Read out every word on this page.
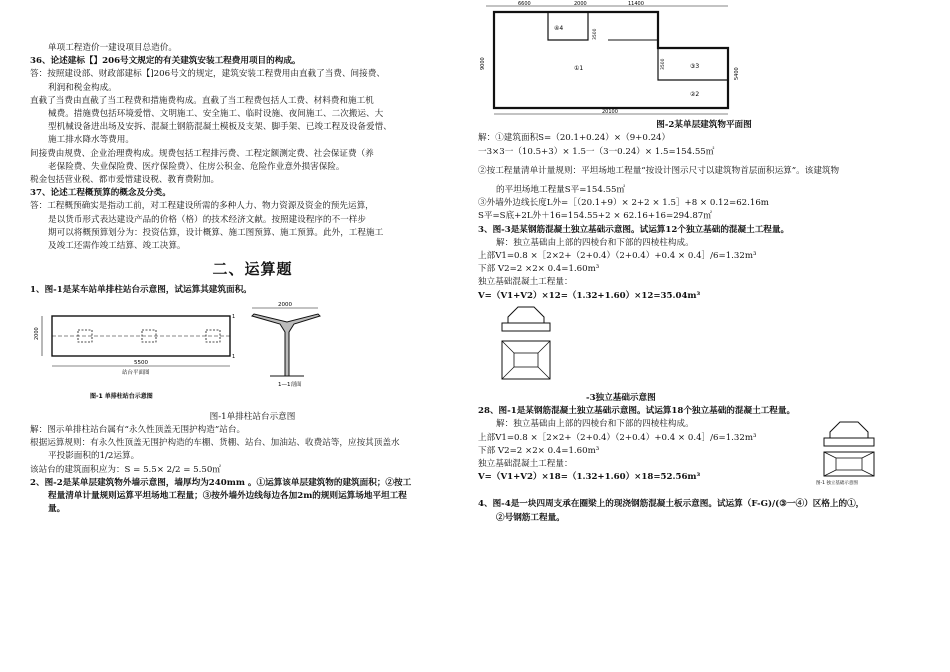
单项工程造价一建设项目总造价。

36、论述建标【】206号文规定的有关建筑安装工程费用项目的构成。

答：按照建设部、财政部建标【]206号文的规定，建筑安装工程费用由直截了当费、间接费、

利润和税金构成。

直截了当费由直截了当工程费和措施费构成。直截了当工程费包括人工费、材料费和施工机

械费。措施费包括环境爱惜、文明施工、安全施工、临时设施、夜间施工、二次搬运、大

型机械设备进出场及安拆、混凝土钢筋混凝土模板及支架、脚手架、已竣工程及设备爱惜、

施工排水降水等费用。

间接费由规费、企业治理费构成。规费包括工程排污费、工程定额测定费、社会保证费（养

老保险费、失业保险费、医疗保险费）、住房公积金、危险作业意外损害保险。

税金包括营业税、都市爱惜建设税、教育费附加。

37、论述工程概预算的概念及分类。

答：工程概预确实是指动工前，对工程建设所需的多种人力、物力资源及资金的预先运算，

是以货币形式表达建设产品的价格（格）的技术经济文献。按照建设程序的不一样步

期可以将概预算划分为：投资估算，设计概算、施工图预算、施工预算。此外，工程施工

及竣工还需作竣工结算、竣工决算。

二、运算题

1、图-1是某车站单排柱站台示意图，试运算其建筑面积。

2000
5500
站台平面图
1
1
2000
1—1剖面
图-1 单排柱站台示意图

图-1单排柱站台示意图

解：图示单排柱站台属有“永久性顶盖无围护构造”站台。

根据运算规则：有永久性顶盖无围护构造的车棚、货棚、站台、加油站、收费站等，应按其顶盖水

平投影面积的1/2运算。

该站台的建筑面积应为：S = 5.5× 2/2 = 5.50㎡

2、图-2是某单层建筑物外墙示意图，墙厚均为240mm 。①运算该单层建筑物的建筑面积；②按工

程量清单计量规则运算平坦场地工程量；③按外墙外边线每边各加2m的规则运算场地平坦工程

量。

6600	2000	11400
④4
①1	③3
②2
9000
5400
3500
3500
20100

图-2某单层建筑物平面图

解：①建筑面积S=（20.1+0.24）×（9+0.24）

一3×3一（10.5+3）× 1.5一（3一0.24）× 1.5=154.55㎡

②按工程量清单计量规则：平坦场地工程量“按设计图示尺寸以建筑物首层面积运算”。该建筑物

的平坦场地工程量S平=154.55㎡

③外墙外边线长度L外=［（20.1+9）× 2+2 × 1.5］+8 × 0.12=62.16m

S平=S底+2L外＋16=154.55+2 × 62.16+16=294.87㎡

3、图-3是某钢筋混凝土独立基础示意图。试运算12个独立基础的混凝土工程量。

解：独立基础由上部的四棱台和下部的四棱柱构成。

上部V1=0.8 ×［2×2+（2+0.4）（2+0.4）+0.4 × 0.4］/6=1.32m³

下部 V2=2 ×2× 0.4=1.60m³

独立基础混凝土工程量：

V=（V1+V2）×12=（1.32+1.60）×12=35.04m³

-3独立基础示意图

28、图-1是某钢筋混凝土独立基础示意图。试运算18个独立基础的混凝土工程量。

解：独立基础由上部的四棱台和下部的四棱柱构成。

上部V1=0.8 ×［2×2+（2+0.4）（2+0.4）+0.4 × 0.4］/6=1.32m³

下部 V2=2 ×2× 0.4=1.60m³

独立基础混凝土工程量：

V=（V1+V2）×18=（1.32+1.60）×18=52.56m³

图-1 独立基础示意图

4、图-4是一块四周支承在圈梁上的现浇钢筋混凝土板示意图。试运算（F-G)/(③一④）区格上的①，

②号钢筋工程量。
